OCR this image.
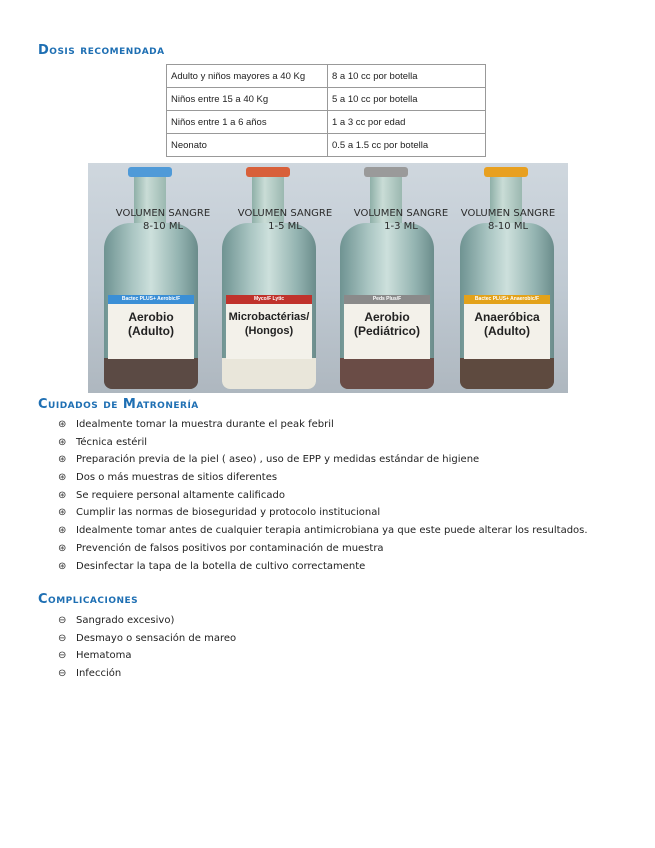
Dosis recomendada
Adulto y niños mayores a 40 Kg	8 a 10 cc por botella
Niños entre 15 a 40 Kg	5 a 10 cc por botella
Niños entre 1 a 6 años	1 a 3 cc por edad
Neonato	0.5 a 1.5 cc por botella
Bactec PLUS+ Aerobic/F
Aerobio
(Adulto)
VOLUMEN SANGRE
8-10 ML
Myco/F Lytic
Microbactérias/
(Hongos)
VOLUMEN SANGRE
1-5 ML
Peds Plus/F
Aerobio
(Pediátrico)
VOLUMEN SANGRE
1-3 ML
Bactec PLUS+ Anaerobic/F
Anaeróbica
(Adulto)
VOLUMEN SANGRE
8-10 ML
Cuidados de Matronería
⊛ Idealmente tomar la muestra durante el peak febril
⊛ Técnica estéril
⊛ Preparación previa de la piel ( aseo) , uso de EPP y medidas estándar de higiene
⊛ Dos o más muestras de sitios diferentes
⊛ Se requiere personal altamente calificado
⊛ Cumplir las normas de bioseguridad y protocolo institucional
⊛ Idealmente tomar antes de cualquier terapia antimicrobiana ya que este puede alterar los resultados.
⊛ Prevención de falsos positivos por contaminación de muestra
⊛ Desinfectar la tapa de la botella de cultivo correctamente
Complicaciones
⊖ Sangrado excesivo)
⊖ Desmayo o sensación de mareo
⊖ Hematoma
⊖ Infección
